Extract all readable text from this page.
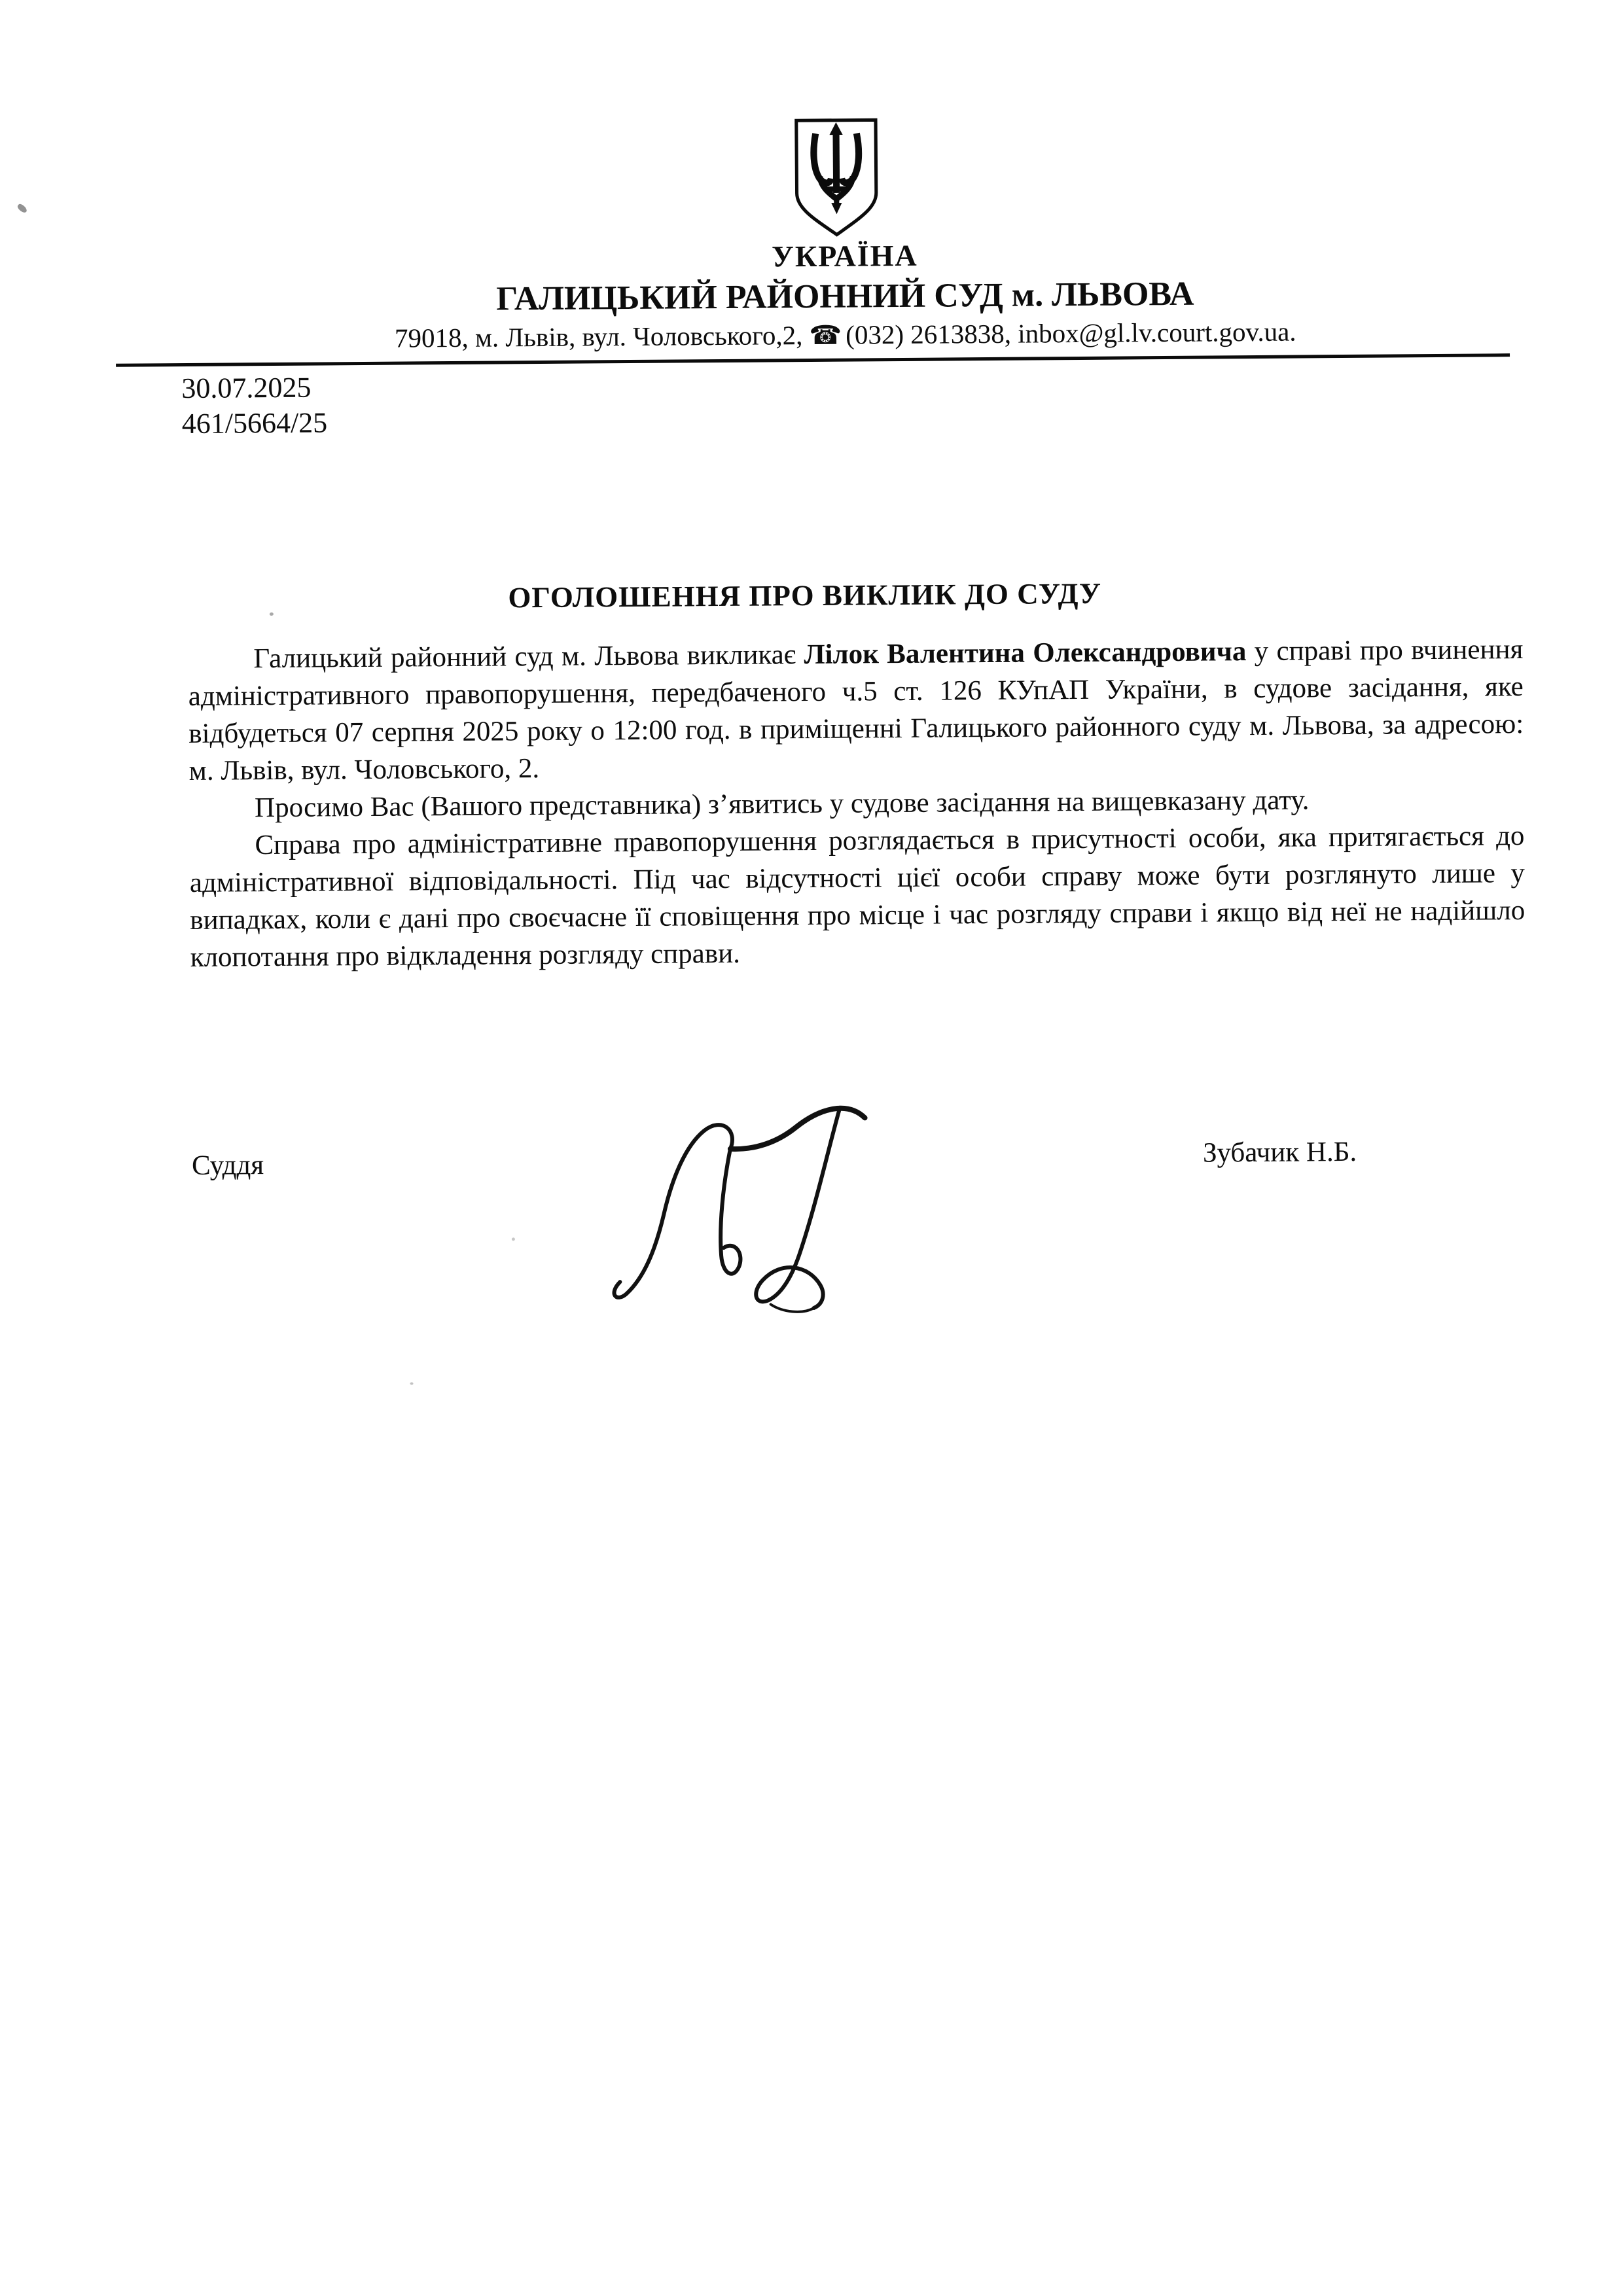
УКРАЇНА
ГАЛИЦЬКИЙ РАЙОННИЙ СУД м. ЛЬВОВА
79018, м. Львів, вул. Чоловського,2, ☎ (032) 2613838, inbox@gl.lv.court.gov.ua.
30.07.2025
461/5664/25
ОГОЛОШЕННЯ ПРО ВИКЛИК ДО СУДУ

Галицький районний суд м. Львова викликає Лілок Валентина Олександровича у справі про вчинення адміністративного правопорушення, передбаченого ч.5 ст. 126 КУпАП України, в судове засідання, яке відбудеться 07 серпня 2025 року о 12:00 год. в приміщенні Галицького районного суду м. Львова, за адресою: м. Львів, вул. Чоловського, 2.

Просимо Вас (Вашого представника) з’явитись у судове засідання на вищевказану дату.

Справа про адміністративне правопорушення розглядається в присутності особи, яка притягається до адміністративної відповідальності. Під час відсутності цієї особи справу може бути розглянуто лише у випадках, коли є дані про своєчасне її сповіщення про місце і час розгляду справи і якщо від неї не надійшло клопотання про відкладення розгляду справи.

Суддя	Зубачик Н.Б.
